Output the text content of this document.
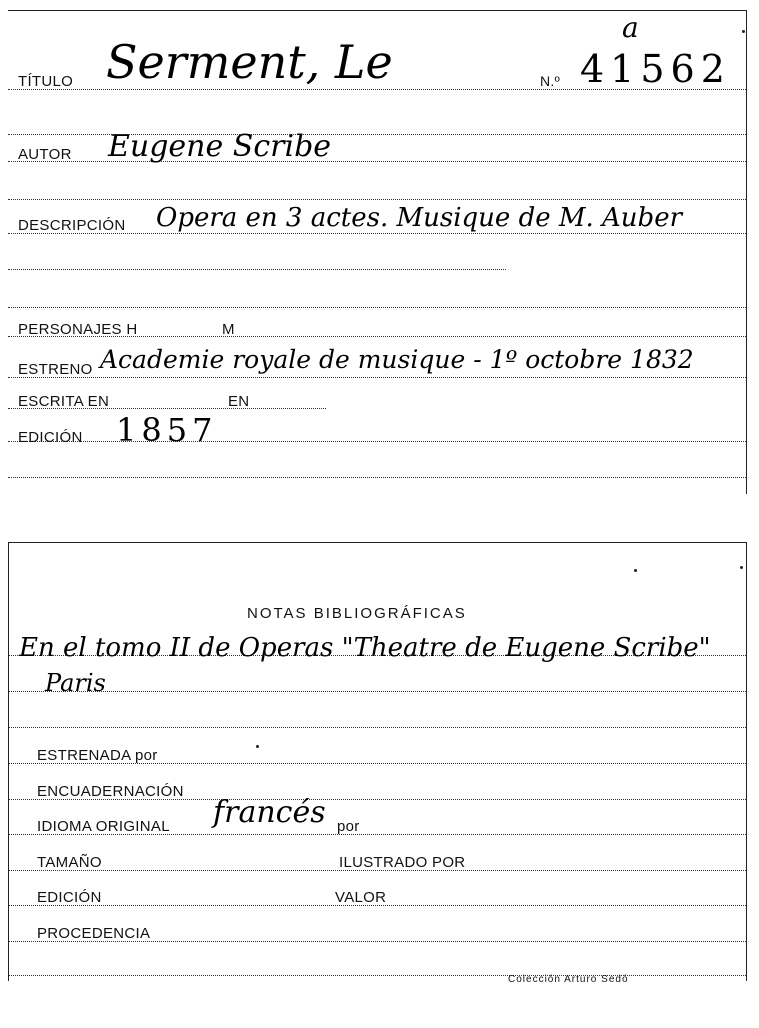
TÍTULO Serment, Le	N.º 41562
a
AUTOR Eugene Scribe
DESCRIPCIÓN Opera en 3 actes. Musique de M. Auber
PERSONAJES H	M
ESTRENO Academie royale de musique - 1º octobre 1832
ESCRITA EN	EN
EDICIÓN 1857
NOTAS BIBLIOGRÁFICAS
En el tomo II de Operas "Theatre de Eugene Scribe"
Paris
ESTRENADA por
ENCUADERNACIÓN
IDIOMA ORIGINAL francés por
TAMAÑO	ILUSTRADO POR
EDICIÓN	VALOR
PROCEDENCIA
Colección Arturo Sedó
